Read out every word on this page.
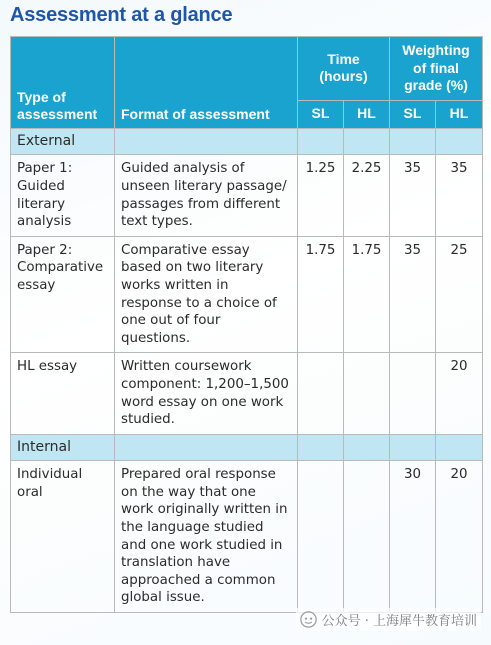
Assessment at a glance
Type of assessment	Format of assessment	Time (hours)		Weighting of final grade (%)	
		SL	HL	SL	HL
External					
Paper 1: Guided literary analysis	Guided analysis of unseen literary passage/ passages from different text types.	1.25	2.25	35	35
Paper 2: Comparative essay	Comparative essay based on two literary works written in response to a choice of one out of four questions.	1.75	1.75	35	25
HL essay	Written coursework component: 1,200–1,500 word essay on one work studied.				20
Internal					
Individual oral	Prepared oral response on the way that one work originally written in the language studied and one work studied in translation have approached a common global issue.			30	20
公众号 · 上海犀牛教育培训
